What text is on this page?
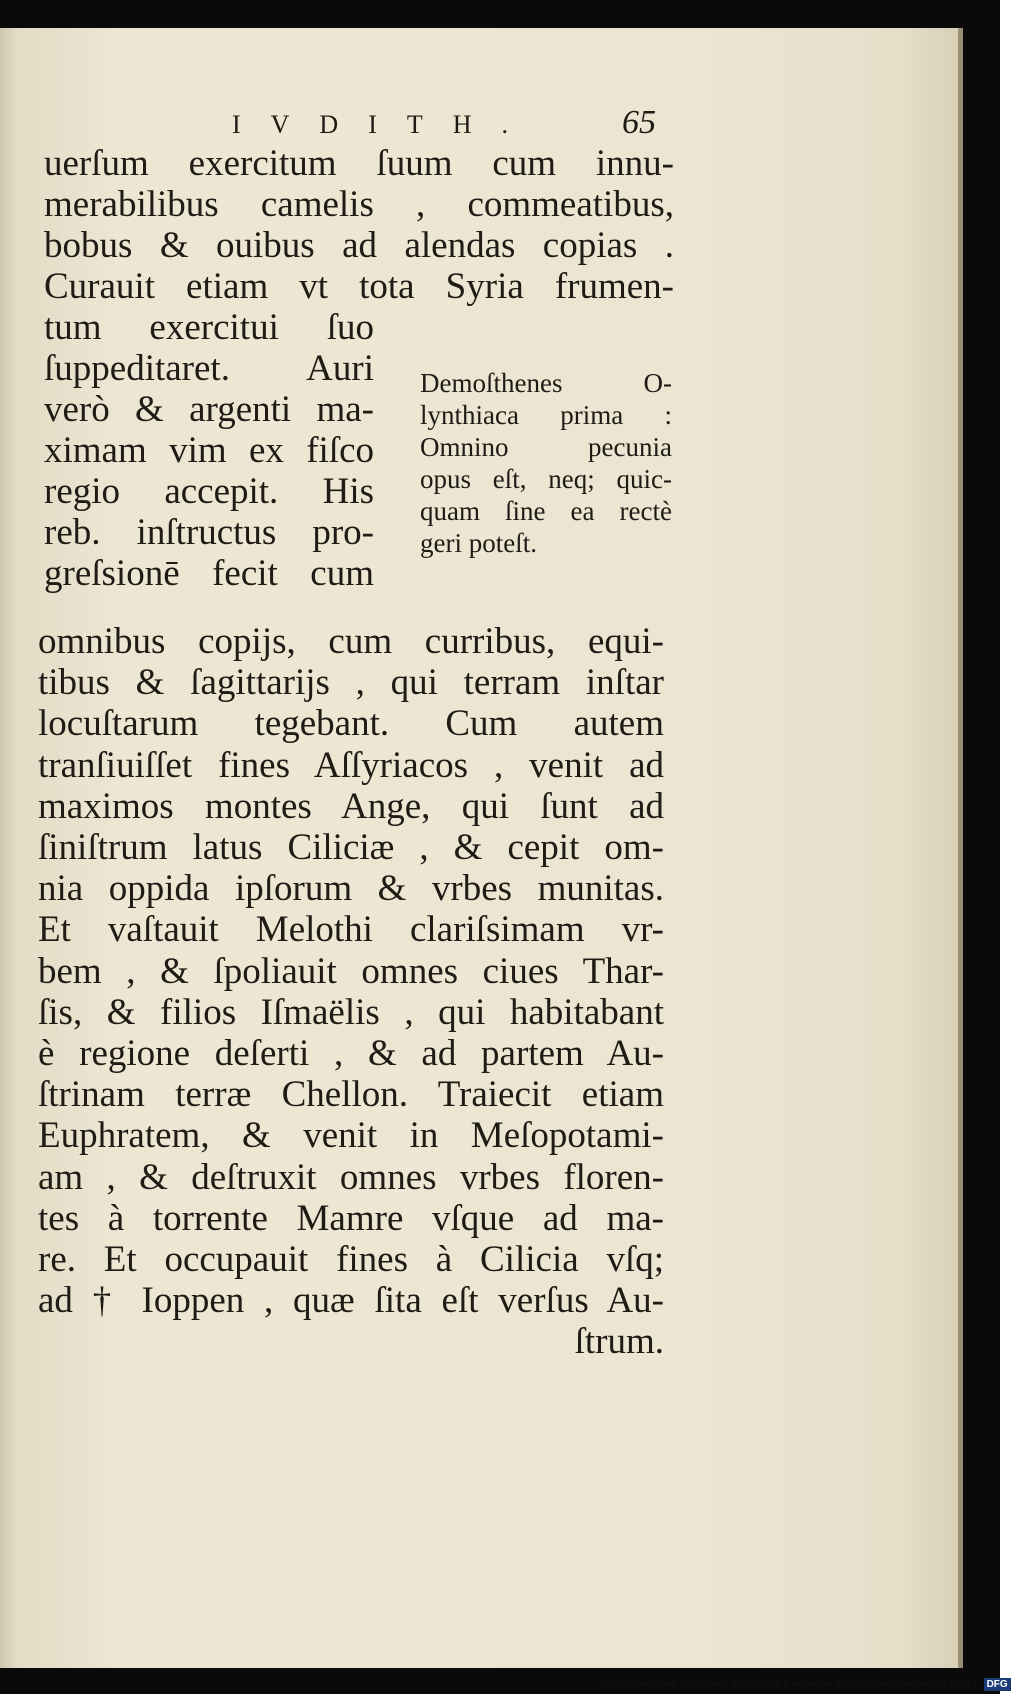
IVDITH. 65
uerſum exercitum ſuum cum innu-
merabilibus camelis , commeatibus,
bobus & ouibus ad alendas copias .
Curauit etiam vt tota Syria frumen-
tum exercitui ſuo
ſuppeditaret. Auri
verò & argenti ma-
ximam vim ex fiſco
regio accepit. His
reb. inſtructus pro-
greſsionē fecit cum
Demoſthenes O-
lynthiaca prima :
Omnino pecunia
opus eſt, neq; quic-
quam ſine ea rectè
geri poteſt.
omnibus copijs, cum curribus, equi-
tibus & ſagittarijs , qui terram inſtar
locuſtarum tegebant. Cum autem
tranſiuiſſet fines Aſſyriacos , venit ad
maximos montes Ange, qui ſunt ad
ſiniſtrum latus Ciliciæ , & cepit om-
nia oppida ipſorum & vrbes munitas.
Et vaſtauit Melothi clariſsimam vr-
bem , & ſpoliauit omnes ciues Thar-
ſis, & filios Iſmaëlis , qui habitabant
è regione deſerti , & ad partem Au-
ſtrinam terræ Chellon. Traiecit etiam
Euphratem, & venit in Meſopotami-
am , & deſtruxit omnes vrbes floren-
tes à torrente Mamre vſque ad ma-
re. Et occupauit fines à Cilicia vſq;
ad † Ioppen , quæ ſita eſt verſus Au-
ſtrum.
Digitalisierung gefördert durch die Deutsche Forschungsgemeinschaft · DFG
